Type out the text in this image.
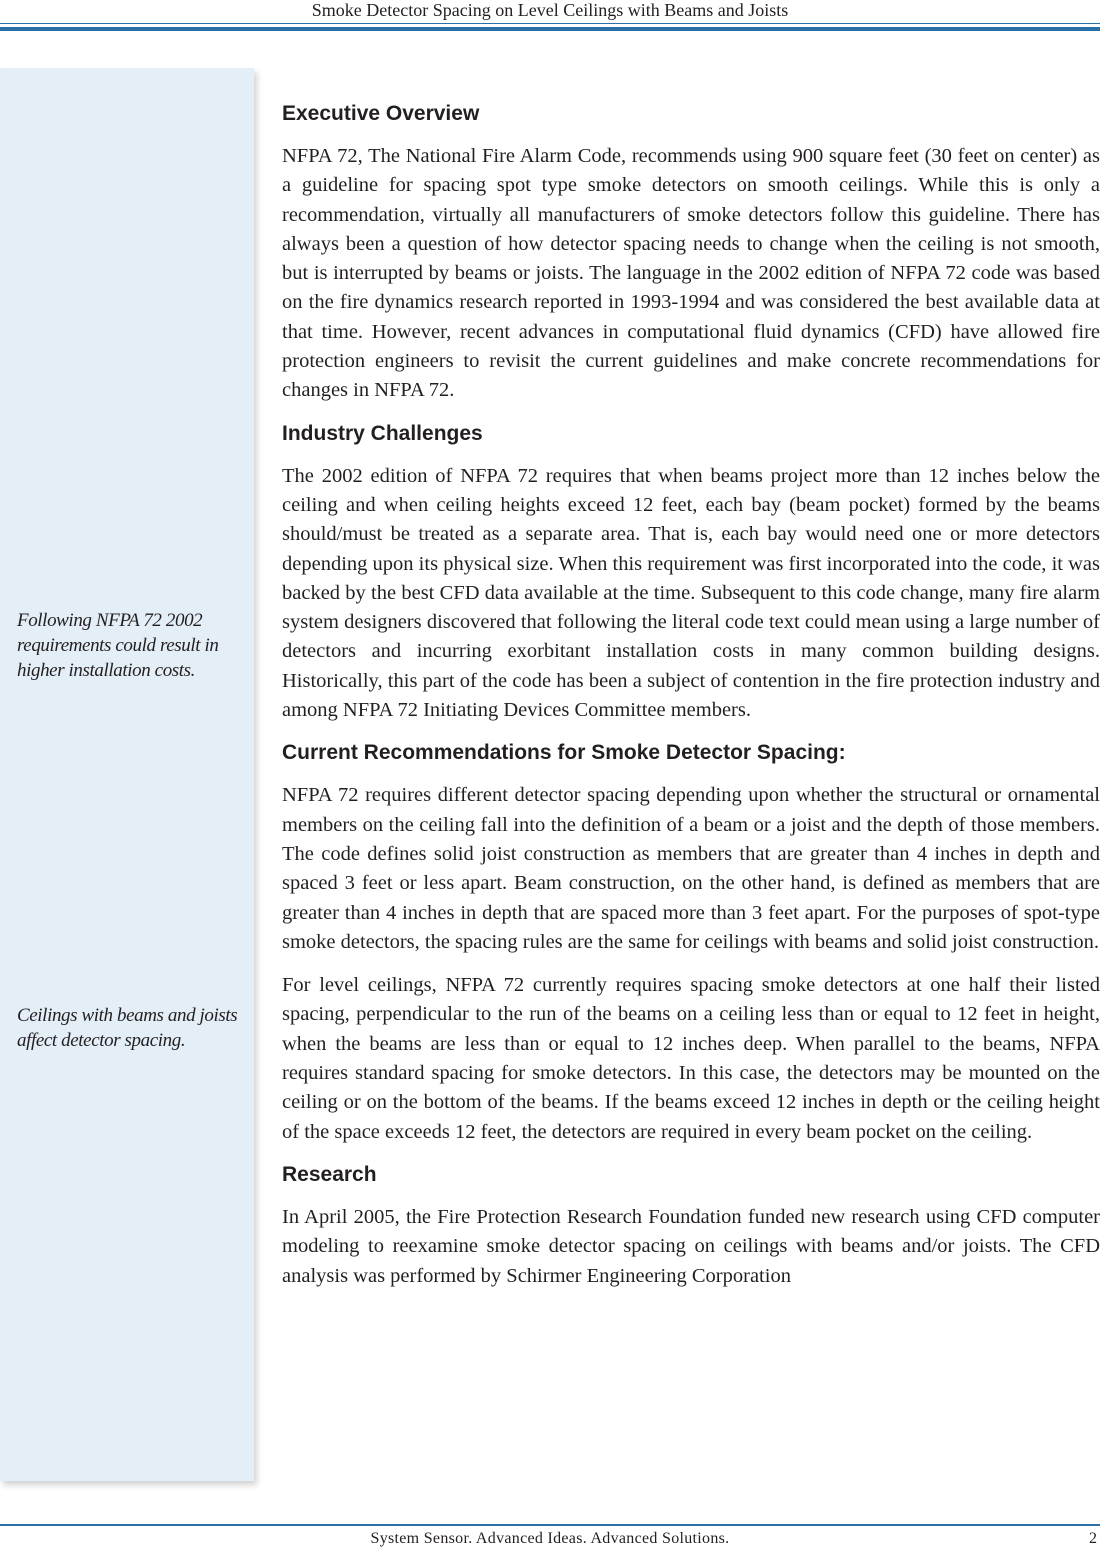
Smoke Detector Spacing on Level Ceilings with Beams and Joists
Following NFPA 72 2002 requirements could result in higher installation costs.
Ceilings with beams and joists affect detector spacing.
Executive Overview

NFPA 72, The National Fire Alarm Code, recommends using 900 square feet (30 feet on center) as a guideline for spacing spot type smoke detectors on smooth ceilings. While this is only a recommendation, virtually all manufacturers of smoke detectors follow this guideline. There has always been a question of how detector spacing needs to change when the ceiling is not smooth, but is interrupted by beams or joists. The language in the 2002 edition of NFPA 72 code was based on the fire dynamics research reported in 1993-1994 and was considered the best available data at that time. However, recent advances in computational fluid dynamics (CFD) have allowed fire protection engineers to revisit the current guidelines and make concrete recommendations for changes in NFPA 72.

Industry Challenges

The 2002 edition of NFPA 72 requires that when beams project more than 12 inches below the ceiling and when ceiling heights exceed 12 feet, each bay (beam pocket) formed by the beams should/must be treated as a separate area. That is, each bay would need one or more detectors depending upon its physical size. When this requirement was first incorporated into the code, it was backed by the best CFD data available at the time. Subsequent to this code change, many fire alarm system designers discovered that following the literal code text could mean using a large number of detectors and incurring exorbitant installation costs in many common building designs. Historically, this part of the code has been a subject of contention in the fire protection industry and among NFPA 72 Initiating Devices Committee members.

Current Recommendations for Smoke Detector Spacing:

NFPA 72 requires different detector spacing depending upon whether the structural or ornamental members on the ceiling fall into the definition of a beam or a joist and the depth of those members. The code defines solid joist construction as members that are greater than 4 inches in depth and spaced 3 feet or less apart. Beam construction, on the other hand, is defined as members that are greater than 4 inches in depth that are spaced more than 3 feet apart. For the purposes of spot-type smoke detectors, the spacing rules are the same for ceilings with beams and solid joist construction.

For level ceilings, NFPA 72 currently requires spacing smoke detectors at one half their listed spacing, perpendicular to the run of the beams on a ceiling less than or equal to 12 feet in height, when the beams are less than or equal to 12 inches deep. When parallel to the beams, NFPA requires standard spacing for smoke detectors. In this case, the detectors may be mounted on the ceiling or on the bottom of the beams. If the beams exceed 12 inches in depth or the ceiling height of the space exceeds 12 feet, the detectors are required in every beam pocket on the ceiling.

Research

In April 2005, the Fire Protection Research Foundation funded new research using CFD computer modeling to reexamine smoke detector spacing on ceilings with beams and/or joists. The CFD analysis was performed by Schirmer Engineering Corporation

System Sensor. Advanced Ideas. Advanced Solutions.	2
